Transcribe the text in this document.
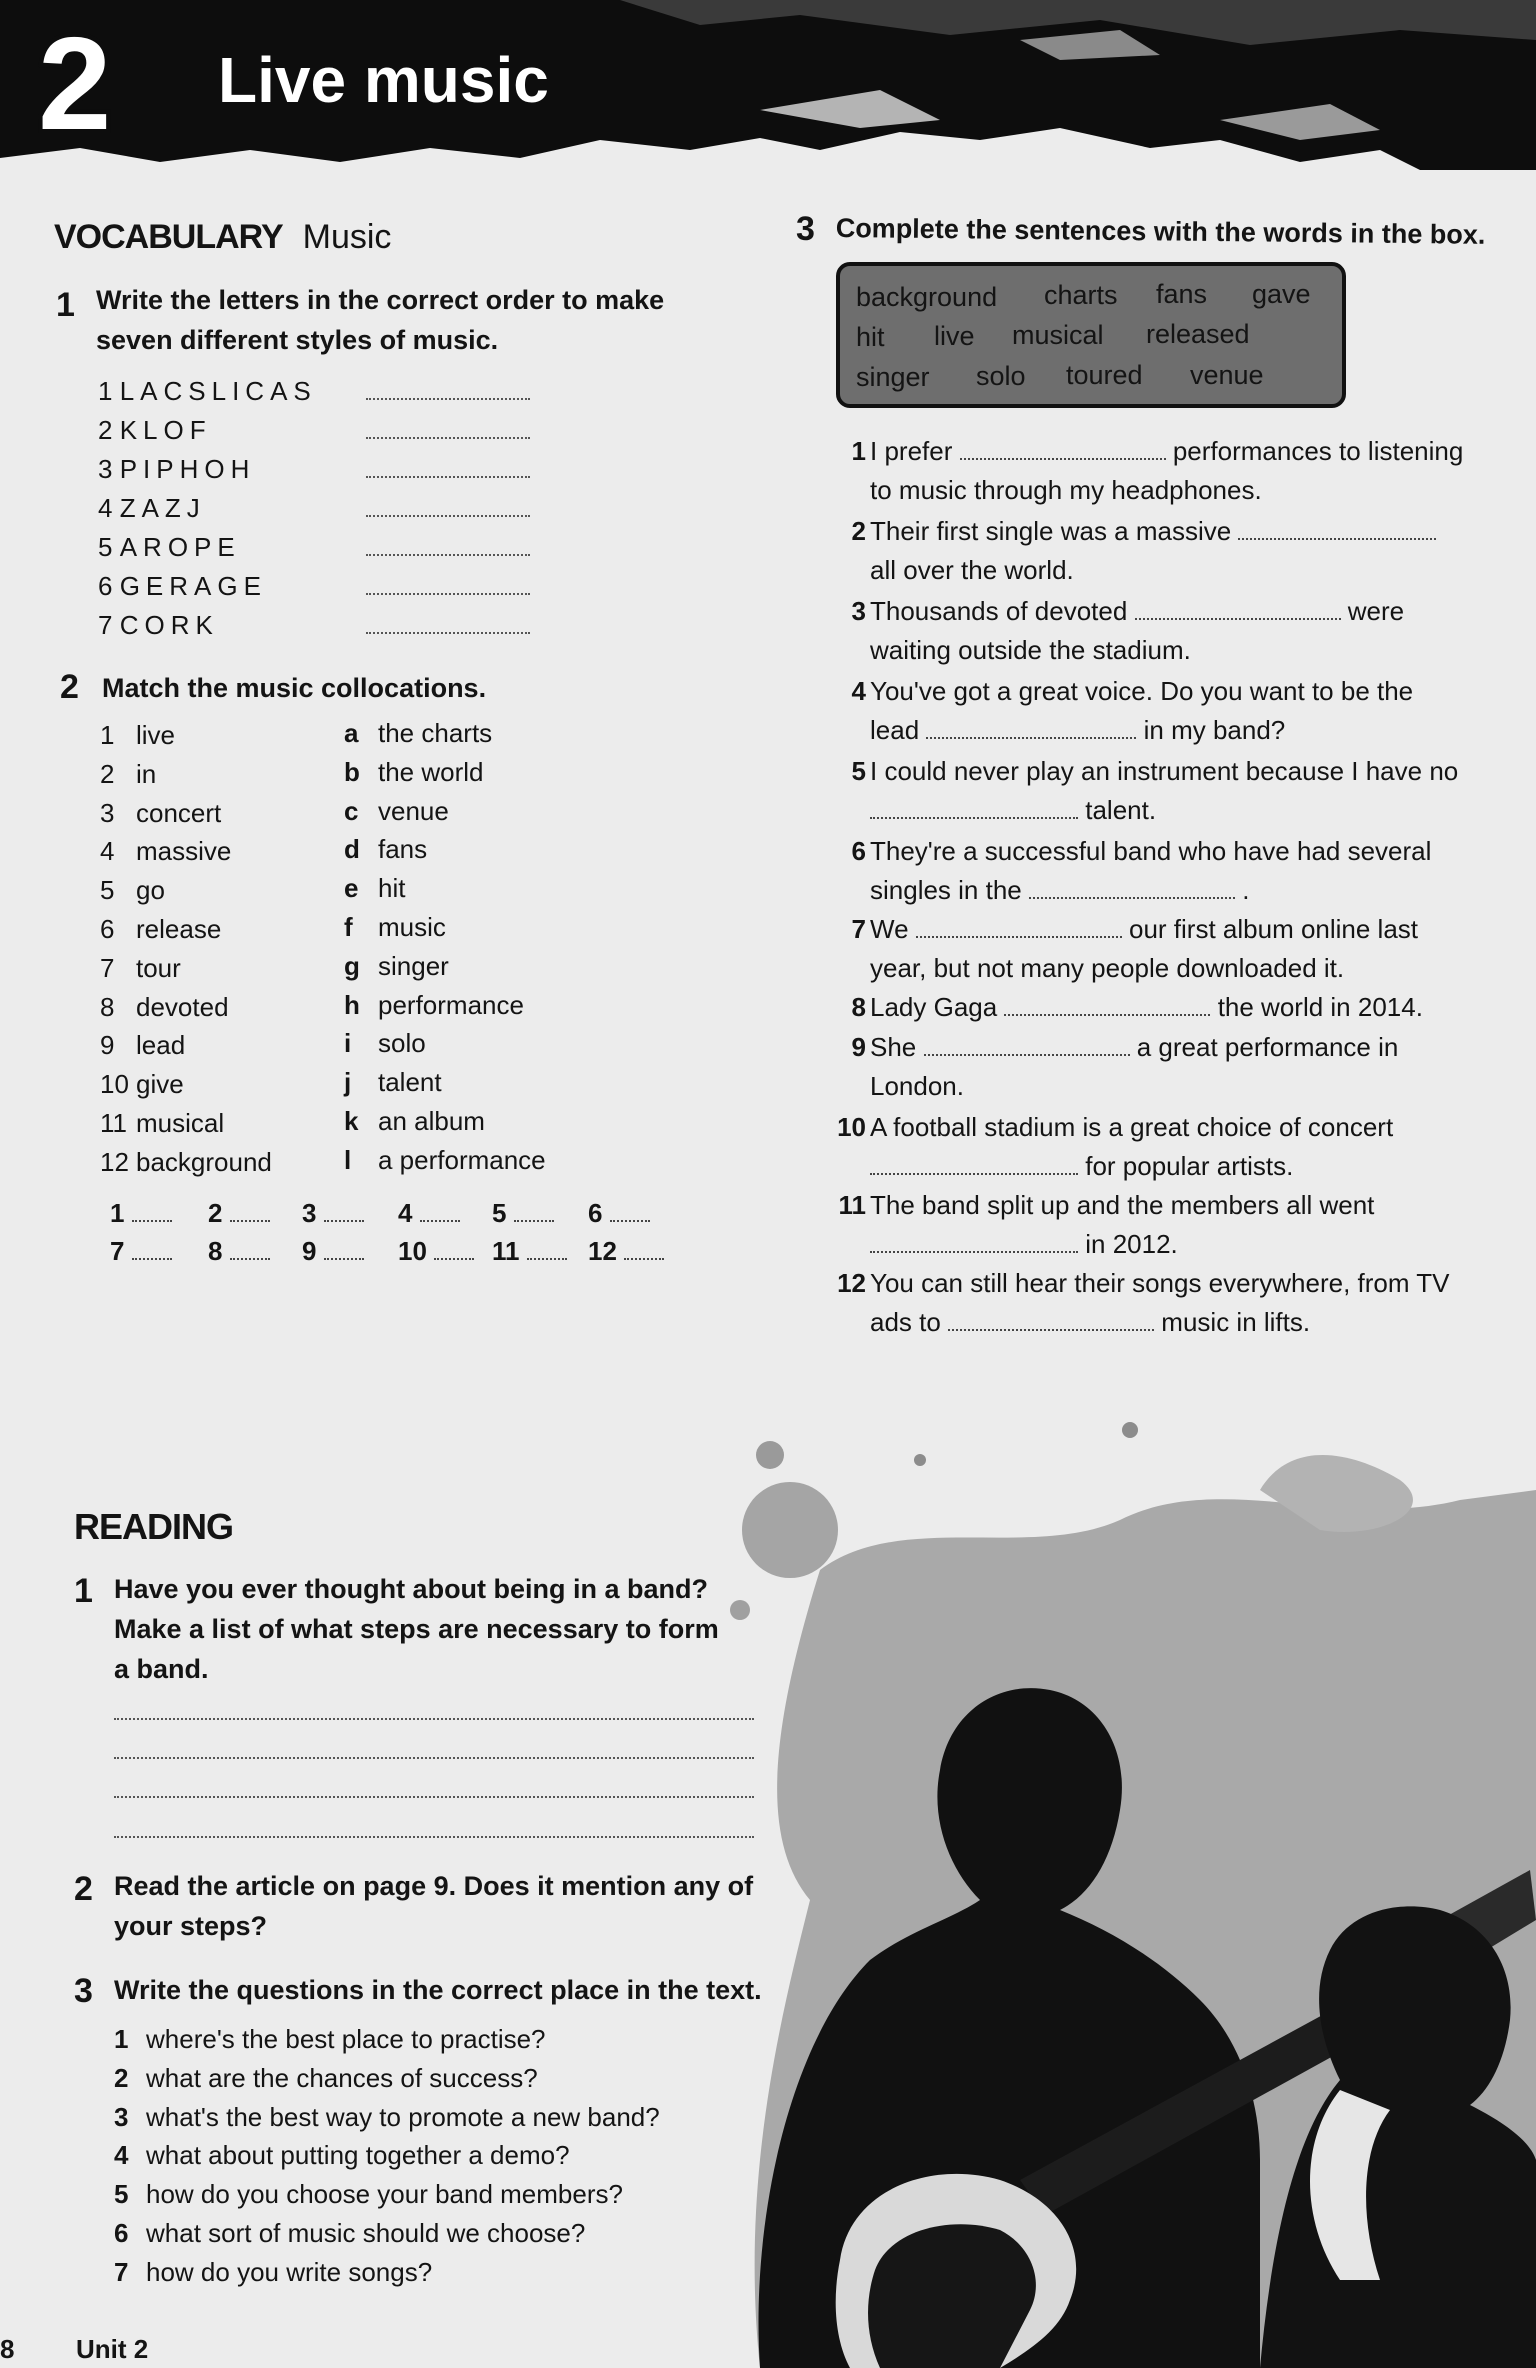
2 Live music
VOCABULARY Music
1 Write the letters in the correct order to make
seven different styles of music.
1 LACSLICAS
2 KLOF
3 PIPHOH
4 ZAZJ
5 AROPE
6 GERAGE
7 CORK
2 Match the music collocations.
1 live
2 in
3 concert
4 massive
5 go
6 release
7 tour
8 devoted
9 lead
10 give
11 musical
12 background
a the charts
b the world
c venue
d fans
e hit
f music
g singer
h performance
i solo
j talent
k an album
l a performance
1	2	3	4	5	6
7	8	9	10	11	12
3 Complete the sentences with the words in the box.
background charts fans gave
hit live musical released
singer solo toured venue
1 I prefer	performances to listening
to music through my headphones.
2 Their first single was a massive
all over the world.
3 Thousands of devoted	were
waiting outside the stadium.
4 You've got a great voice. Do you want to be the
lead	in my band?
5 I could never play an instrument because I have no
talent.
6 They're a successful band who have had several
singles in the	.
7 We	our first album online last
year, but not many people downloaded it.
8 Lady Gaga	the world in 2014.
9 She	a great performance in
London.
10 A football stadium is a great choice of concert
for popular artists.
11 The band split up and the members all went
in 2012.
12 You can still hear their songs everywhere, from TV
ads to	music in lifts.
READING
1 Have you ever thought about being in a band?
Make a list of what steps are necessary to form
a band.
2 Read the article on page 9. Does it mention any of
your steps?
3 Write the questions in the correct place in the text.
1 where's the best place to practise?
2 what are the chances of success?
3 what's the best way to promote a new band?
4 what about putting together a demo?
5 how do you choose your band members?
6 what sort of music should we choose?
7 how do you write songs?
8 Unit 2
